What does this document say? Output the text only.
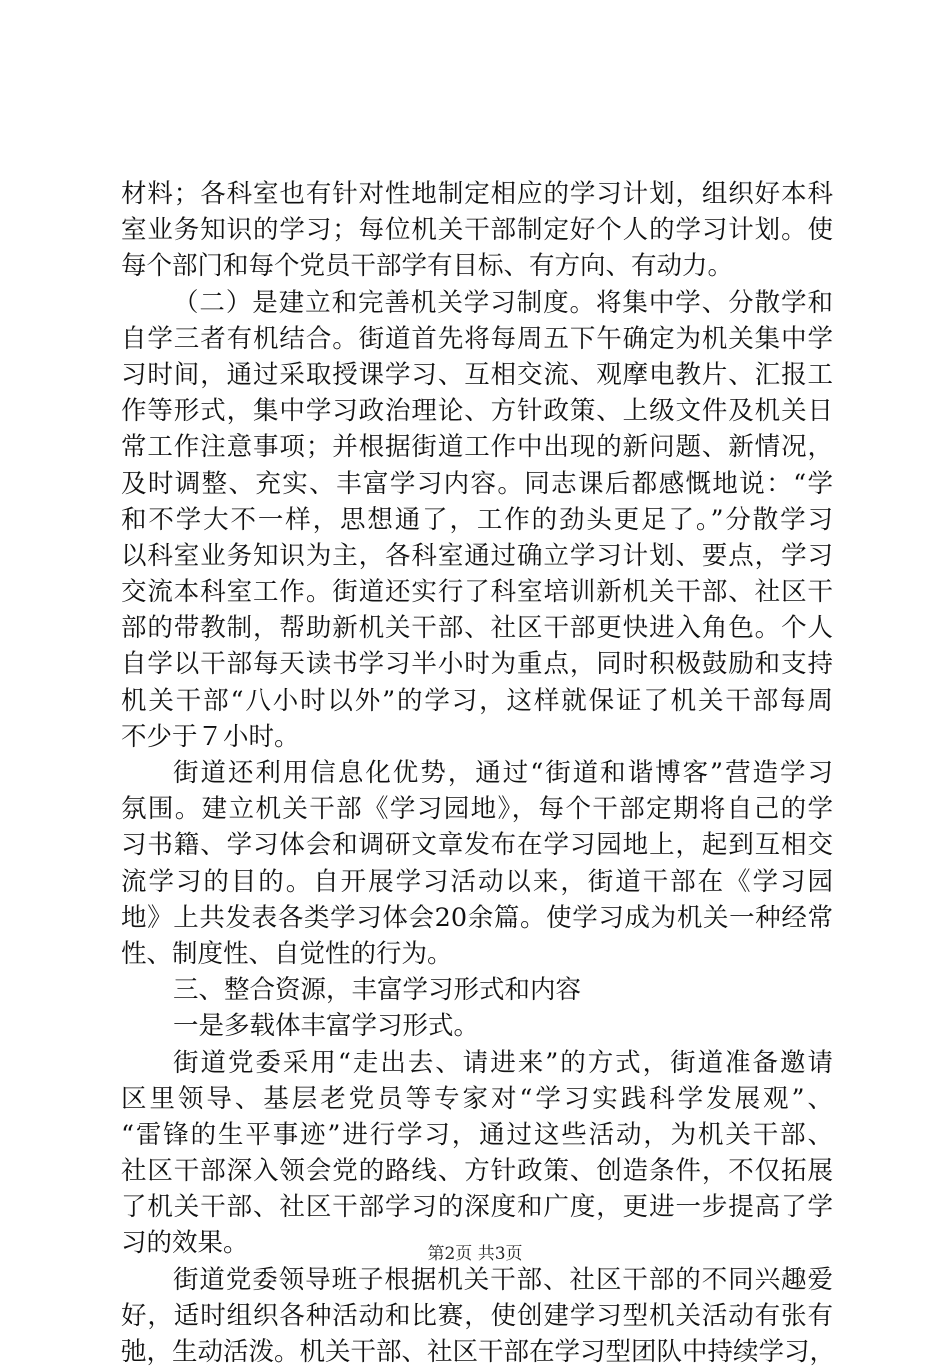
材料；各科室也有针对性地制定相应的学习计划，组织好本科
室业务知识的学习；每位机关干部制定好个人的学习计划。使
每个部门和每个党员干部学有目标、有方向、有动力。
（二）是建立和完善机关学习制度。将集中学、分散学和
自学三者有机结合。街道首先将每周五下午确定为机关集中学
习时间，通过采取授课学习、互相交流、观摩电教片、汇报工
作等形式，集中学习政治理论、方针政策、上级文件及机关日
常工作注意事项；并根据街道工作中出现的新问题、新情况，
及时调整、充实、丰富学习内容。同志课后都感慨地说：“学
和不学大不一样，思想通了，工作的劲头更足了。”分散学习
以科室业务知识为主，各科室通过确立学习计划、要点，学习
交流本科室工作。街道还实行了科室培训新机关干部、社区干
部的带教制，帮助新机关干部、社区干部更快进入角色。个人
自学以干部每天读书学习半小时为重点，同时积极鼓励和支持
机关干部“八小时以外”的学习，这样就保证了机关干部每周
不少于７小时。
街道还利用信息化优势，通过“街道和谐博客”营造学习
氛围。建立机关干部《学习园地》，每个干部定期将自己的学
习书籍、学习体会和调研文章发布在学习园地上，起到互相交
流学习的目的。自开展学习活动以来，街道干部在《学习园
地》上共发表各类学习体会20余篇。使学习成为机关一种经常
性、制度性、自觉性的行为。
三、整合资源，丰富学习形式和内容
一是多载体丰富学习形式。
街道党委采用“走出去、请进来”的方式，街道准备邀请
区里领导、基层老党员等专家对“学习实践科学发展观”、
“雷锋的生平事迹”进行学习，通过这些活动，为机关干部、
社区干部深入领会党的路线、方针政策、创造条件，不仅拓展
了机关干部、社区干部学习的深度和广度，更进一步提高了学
习的效果。
街道党委领导班子根据机关干部、社区干部的不同兴趣爱
好，适时组织各种活动和比赛，使创建学习型机关活动有张有
弛，生动活泼。机关干部、社区干部在学习型团队中持续学习，
第2页 共3页
